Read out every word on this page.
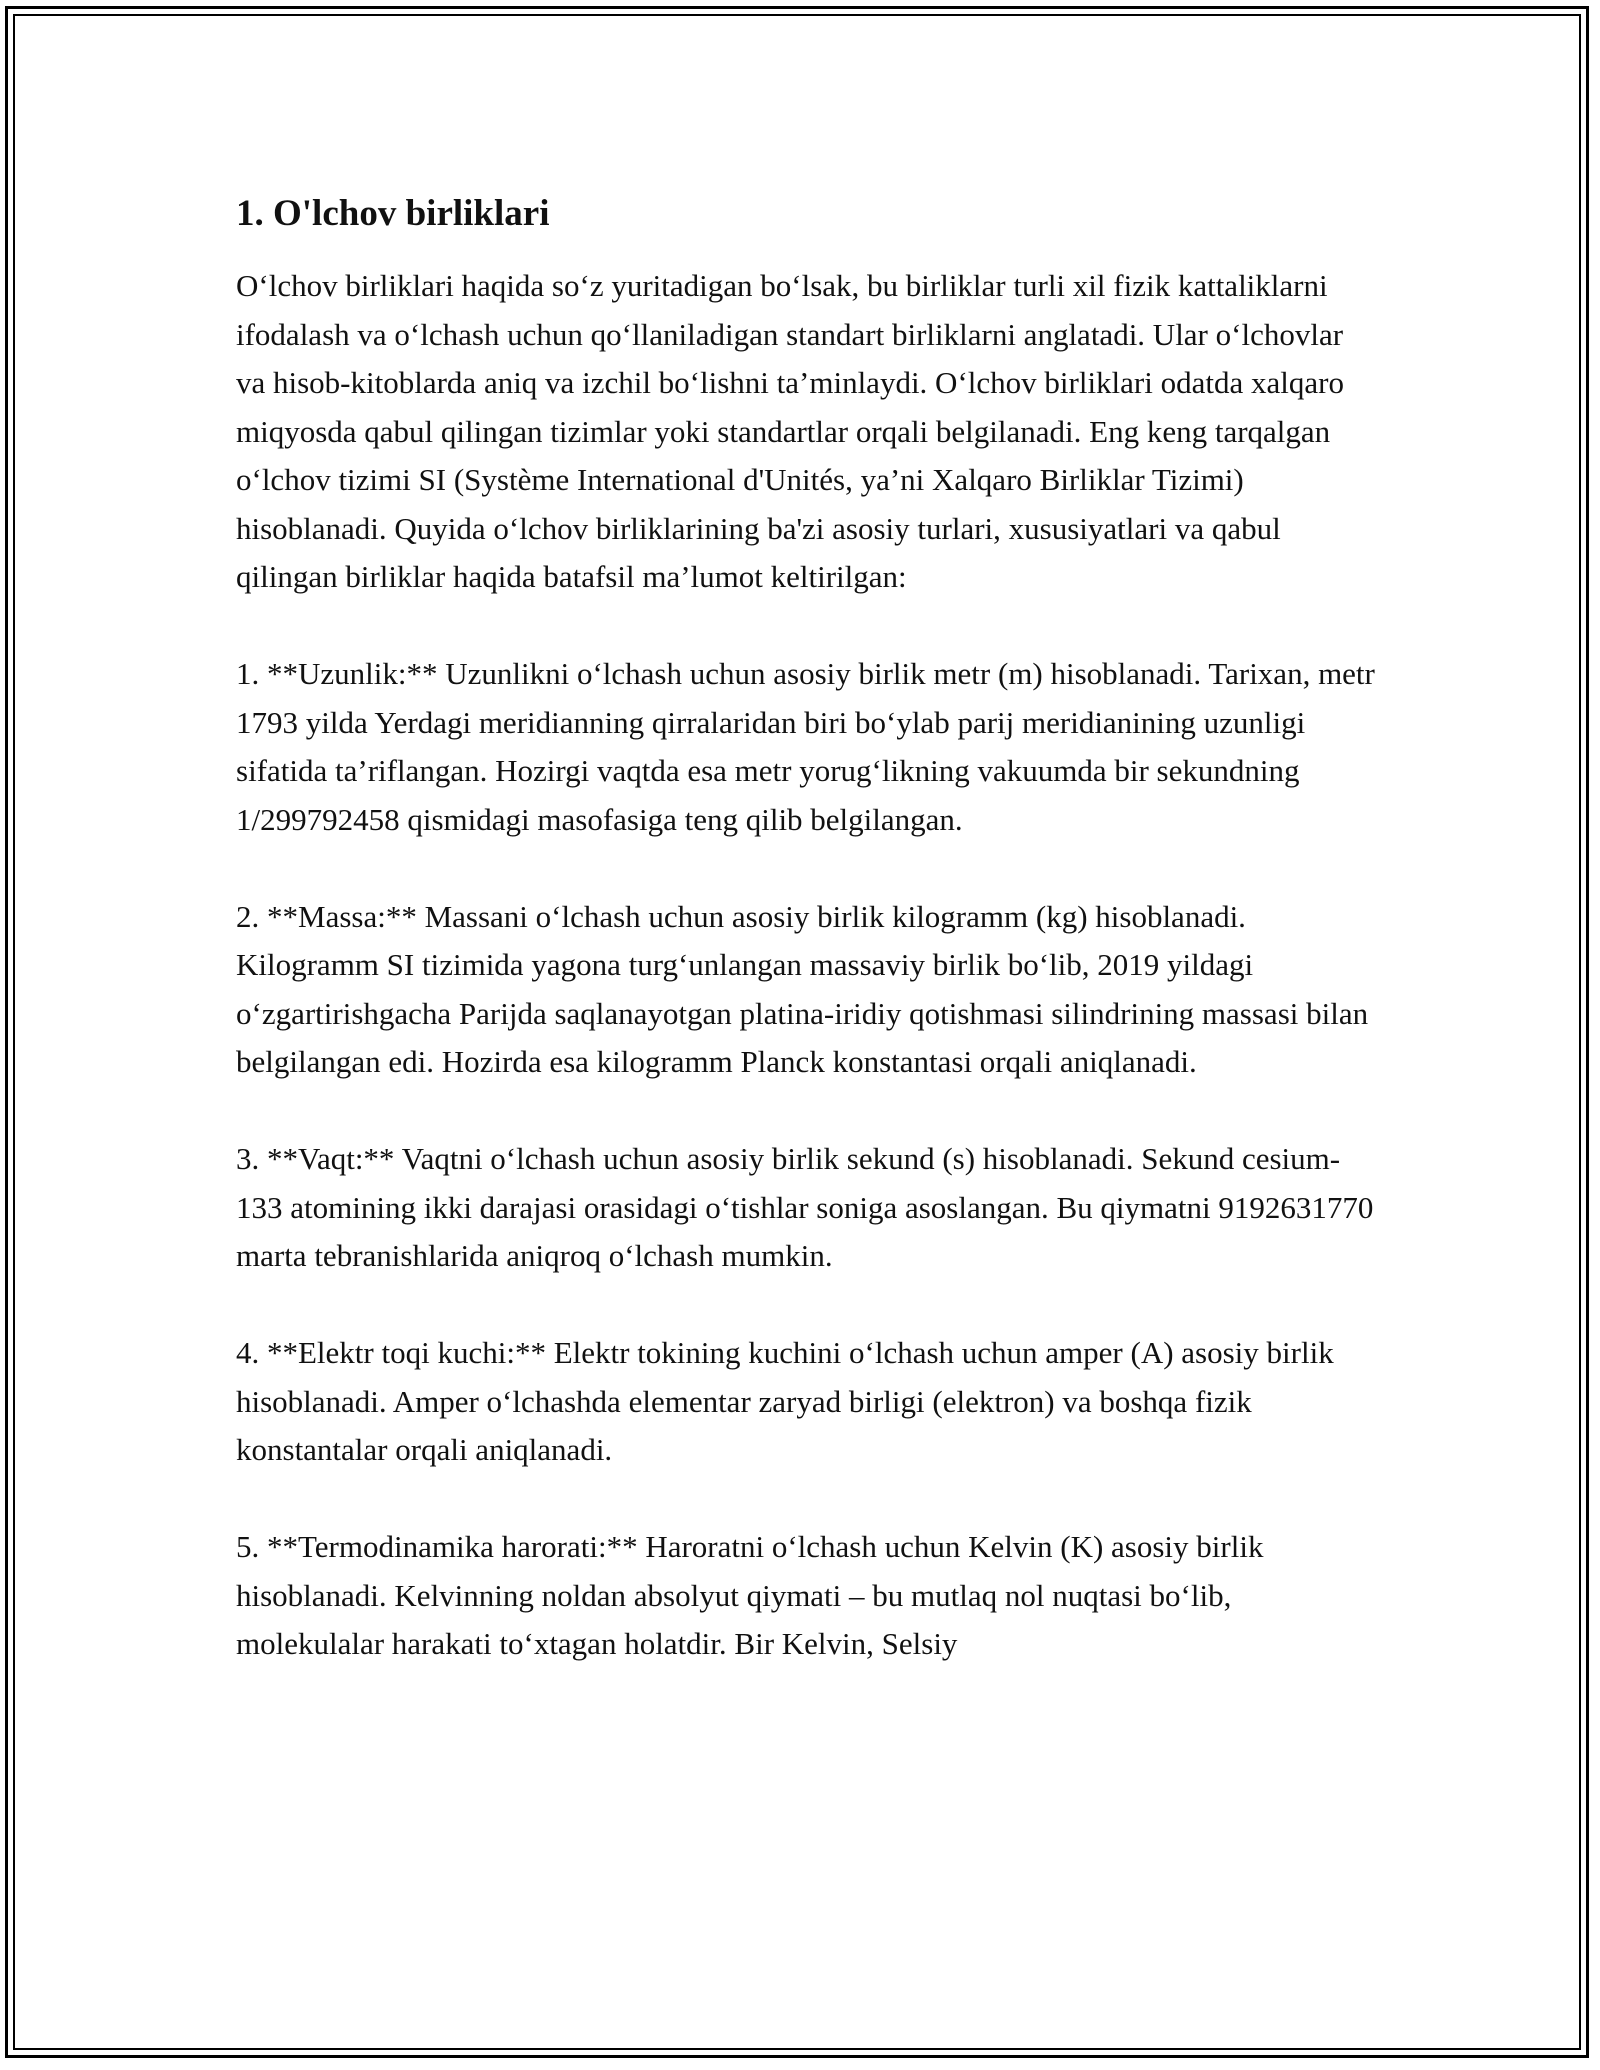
1. O'lchov birliklari

O‘lchov birliklari haqida so‘z yuritadigan bo‘lsak, bu birliklar turli xil fizik kattaliklarni ifodalash va o‘lchash uchun qo‘llaniladigan standart birliklarni anglatadi. Ular o‘lchovlar va hisob-kitoblarda aniq va izchil bo‘lishni ta’minlaydi. O‘lchov birliklari odatda xalqaro miqyosda qabul qilingan tizimlar yoki standartlar orqali belgilanadi. Eng keng tarqalgan o‘lchov tizimi SI (Système International d'Unités, ya’ni Xalqaro Birliklar Tizimi) hisoblanadi. Quyida o‘lchov birliklarining ba'zi asosiy turlari, xususiyatlari va qabul qilingan birliklar haqida batafsil ma’lumot keltirilgan:

1. **Uzunlik:** Uzunlikni o‘lchash uchun asosiy birlik metr (m) hisoblanadi. Tarixan, metr 1793 yilda Yerdagi meridianning qirralaridan biri bo‘ylab parij meridianining uzunligi sifatida ta’riflangan. Hozirgi vaqtda esa metr yorug‘likning vakuumda bir sekundning 1/299792458 qismidagi masofasiga teng qilib belgilangan.

2. **Massa:** Massani o‘lchash uchun asosiy birlik kilogramm (kg) hisoblanadi. Kilogramm SI tizimida yagona turg‘unlangan massaviy birlik bo‘lib, 2019 yildagi o‘zgartirishgacha Parijda saqlanayotgan platina-iridiy qotishmasi silindrining massasi bilan belgilangan edi. Hozirda esa kilogramm Planck konstantasi orqali aniqlanadi.

3. **Vaqt:** Vaqtni o‘lchash uchun asosiy birlik sekund (s) hisoblanadi. Sekund cesium-133 atomining ikki darajasi orasidagi o‘tishlar soniga asoslangan. Bu qiymatni 9192631770 marta tebranishlarida aniqroq o‘lchash mumkin.

4. **Elektr toqi kuchi:** Elektr tokining kuchini o‘lchash uchun amper (A) asosiy birlik hisoblanadi. Amper o‘lchashda elementar zaryad birligi (elektron) va boshqa fizik konstantalar orqali aniqlanadi.

5. **Termodinamika harorati:** Haroratni o‘lchash uchun Kelvin (K) asosiy birlik hisoblanadi. Kelvinning noldan absolyut qiymati – bu mutlaq nol nuqtasi bo‘lib, molekulalar harakati to‘xtagan holatdir. Bir Kelvin, Selsiy
